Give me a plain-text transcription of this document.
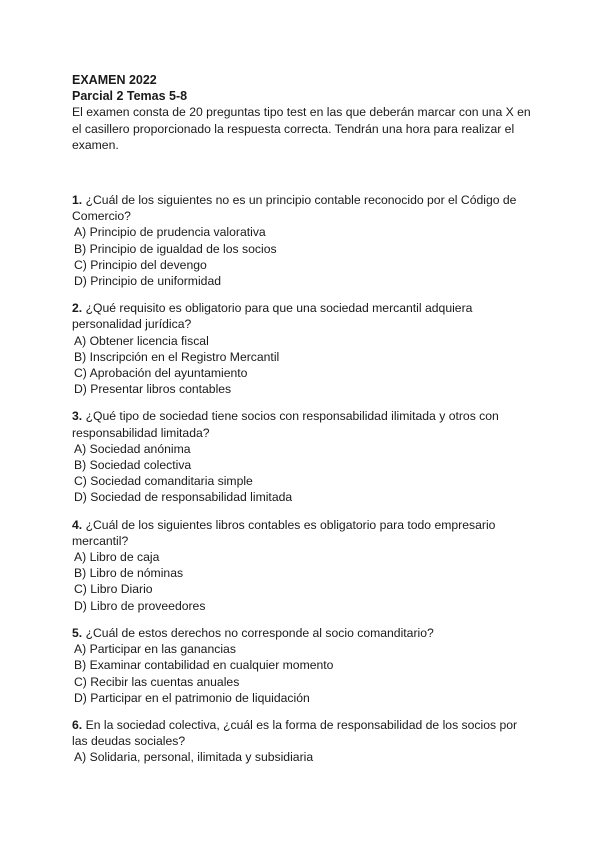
EXAMEN 2022
Parcial 2 Temas 5-8

El examen consta de 20 preguntas tipo test en las que deberán marcar con una X en el casillero proporcionado la respuesta correcta. Tendrán una hora para realizar el examen.

1. ¿Cuál de los siguientes no es un principio contable reconocido por el Código de Comercio?

A) Principio de prudencia valorativa

B) Principio de igualdad de los socios

C) Principio del devengo

D) Principio de uniformidad

2. ¿Qué requisito es obligatorio para que una sociedad mercantil adquiera personalidad jurídica?

A) Obtener licencia fiscal

B) Inscripción en el Registro Mercantil

C) Aprobación del ayuntamiento

D) Presentar libros contables

3. ¿Qué tipo de sociedad tiene socios con responsabilidad ilimitada y otros con responsabilidad limitada?

A) Sociedad anónima

B) Sociedad colectiva

C) Sociedad comanditaria simple

D) Sociedad de responsabilidad limitada

4. ¿Cuál de los siguientes libros contables es obligatorio para todo empresario mercantil?

A) Libro de caja

B) Libro de nóminas

C) Libro Diario

D) Libro de proveedores

5. ¿Cuál de estos derechos no corresponde al socio comanditario?

A) Participar en las ganancias

B) Examinar contabilidad en cualquier momento

C) Recibir las cuentas anuales

D) Participar en el patrimonio de liquidación

6. En la sociedad colectiva, ¿cuál es la forma de responsabilidad de los socios por las deudas sociales?

A) Solidaria, personal, ilimitada y subsidiaria
